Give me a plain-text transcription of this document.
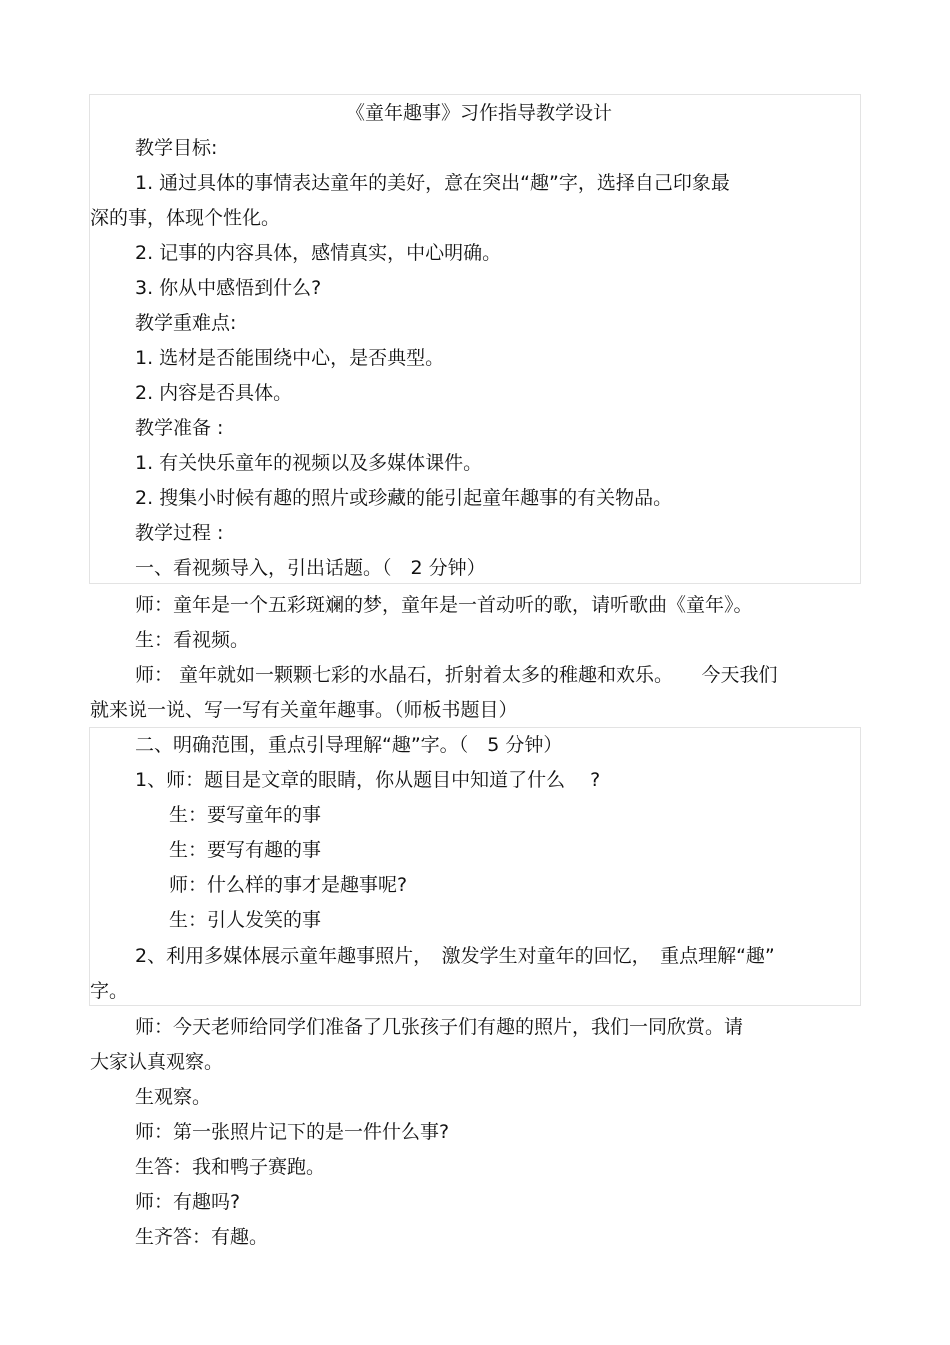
《童年趣事》习作指导教学设计

教学目标:

1. 通过具体的事情表达童年的美好，意在突出“趣”字，选择自己印象最

深的事，体现个性化。

2. 记事的内容具体，感情真实，中心明确。

3. 你从中感悟到什么?

教学重难点:

1. 选材是否能围绕中心，是否典型。

2. 内容是否具体。

教学准备 :

1. 有关快乐童年的视频以及多媒体课件。

2. 搜集小时候有趣的照片或珍藏的能引起童年趣事的有关物品。

教学过程 :

一、看视频导入，引出话题。（　2 分钟）

师：童年是一个五彩斑斓的梦，童年是一首动听的歌，请听歌曲《童年》。

生：看视频。

师： 童年就如一颗颗七彩的水晶石，折射着太多的稚趣和欢乐。　　今天我们

就来说一说、写一写有关童年趣事。（师板书题目）

二、明确范围，重点引导理解“趣”字。（　5 分钟）

1、师：题目是文章的眼睛，你从题目中知道了什么　 ?

生：要写童年的事

生：要写有趣的事

师：什么样的事才是趣事呢?

生：引人发笑的事

2、利用多媒体展示童年趣事照片，　激发学生对童年的回忆，　重点理解“趣”

字。

师：今天老师给同学们准备了几张孩子们有趣的照片，我们一同欣赏。请

大家认真观察。

生观察。

师：第一张照片记下的是一件什么事?

生答：我和鸭子赛跑。

师：有趣吗?

生齐答：有趣。
